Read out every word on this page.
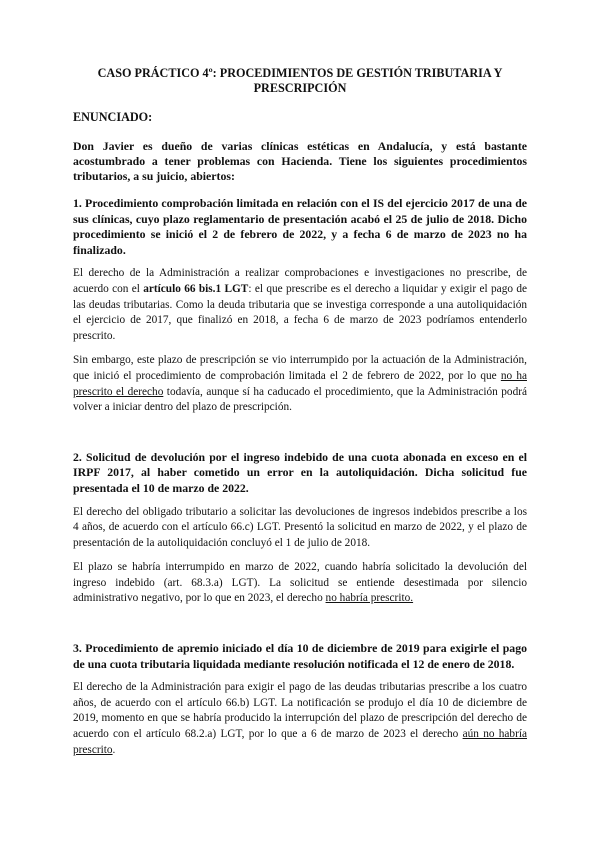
CASO PRÁCTICO 4º: PROCEDIMIENTOS DE GESTIÓN TRIBUTARIA Y
PRESCRIPCIÓN
ENUNCIADO:

Don Javier es dueño de varias clínicas estéticas en Andalucía, y está bastante acostumbrado a tener problemas con Hacienda. Tiene los siguientes procedimientos tributarios, a su juicio, abiertos:

1. Procedimiento comprobación limitada en relación con el IS del ejercicio 2017 de una de sus clínicas, cuyo plazo reglamentario de presentación acabó el 25 de julio de 2018. Dicho procedimiento se inició el 2 de febrero de 2022, y a fecha 6 de marzo de 2023 no ha finalizado.

El derecho de la Administración a realizar comprobaciones e investigaciones no prescribe, de acuerdo con el artículo 66 bis.1 LGT: el que prescribe es el derecho a liquidar y exigir el pago de las deudas tributarias. Como la deuda tributaria que se investiga corresponde a una autoliquidación el ejercicio de 2017, que finalizó en 2018, a fecha 6 de marzo de 2023 podríamos entenderlo prescrito.

Sin embargo, este plazo de prescripción se vio interrumpido por la actuación de la Administración, que inició el procedimiento de comprobación limitada el 2 de febrero de 2022, por lo que no ha prescrito el derecho todavía, aunque sí ha caducado el procedimiento, que la Administración podrá volver a iniciar dentro del plazo de prescripción.

2. Solicitud de devolución por el ingreso indebido de una cuota abonada en exceso en el IRPF 2017, al haber cometido un error en la autoliquidación. Dicha solicitud fue presentada el 10 de marzo de 2022.

El derecho del obligado tributario a solicitar las devoluciones de ingresos indebidos prescribe a los 4 años, de acuerdo con el artículo 66.c) LGT. Presentó la solicitud en marzo de 2022, y el plazo de presentación de la autoliquidación concluyó el 1 de julio de 2018.

El plazo se habría interrumpido en marzo de 2022, cuando habría solicitado la devolución del ingreso indebido (art. 68.3.a) LGT). La solicitud se entiende desestimada por silencio administrativo negativo, por lo que en 2023, el derecho no habría prescrito.

3. Procedimiento de apremio iniciado el día 10 de diciembre de 2019 para exigirle el pago de una cuota tributaria liquidada mediante resolución notificada el 12 de enero de 2018.

El derecho de la Administración para exigir el pago de las deudas tributarias prescribe a los cuatro años, de acuerdo con el artículo 66.b) LGT. La notificación se produjo el día 10 de diciembre de 2019, momento en que se habría producido la interrupción del plazo de prescripción del derecho de acuerdo con el artículo 68.2.a) LGT, por lo que a 6 de marzo de 2023 el derecho aún no habría prescrito.
